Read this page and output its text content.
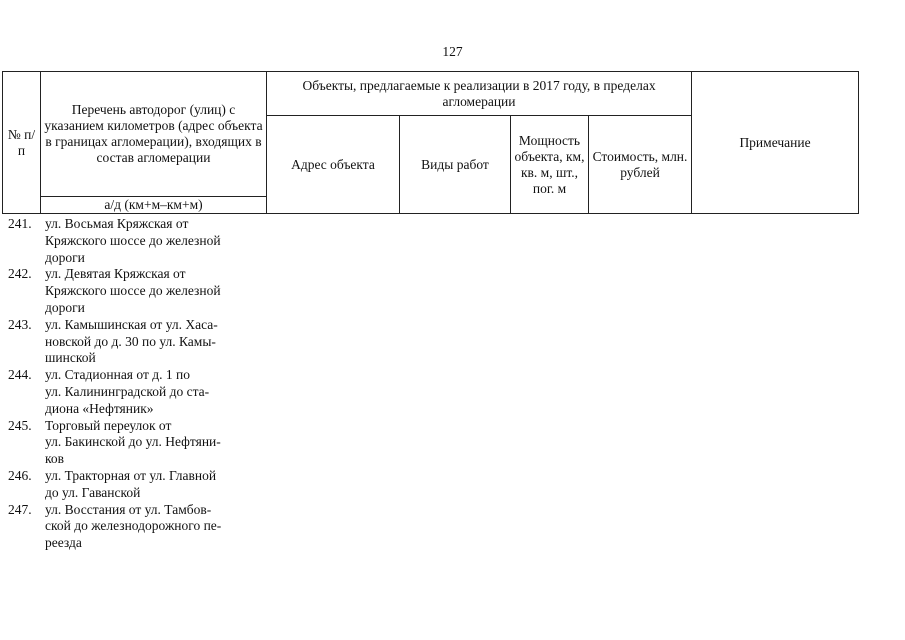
127
№ п/п	Перечень автодорог (улиц) с указанием километров (адрес объекта в границах агломерации), входящих в состав агломерации	Объекты, предлагаемые к реализации в 2017 году, в пределах агломерации				Примечание
		Адрес объекта	Виды работ	Мощность объекта, км, кв. м, шт., пог. м	Стоимость, млн. рублей	
	а/д (км+м–км+м)					
241. ул. Восьмая Кряжская от
Кряжского шоссе до железной
дороги
242. ул. Девятая Кряжская от
Кряжского шоссе до железной
дороги
243. ул. Камышинская от ул. Хаса-
новской до д. 30 по ул. Камы-
шинской
244. ул. Стадионная от д. 1 по
ул. Калининградской до ста-
диона «Нефтяник»
245. Торговый переулок от
ул. Бакинской до ул. Нефтяни-
ков
246. ул. Тракторная от ул. Главной
до ул. Гаванской
247. ул. Восстания от ул. Тамбов-
ской до железнодорожного пе-
реезда
